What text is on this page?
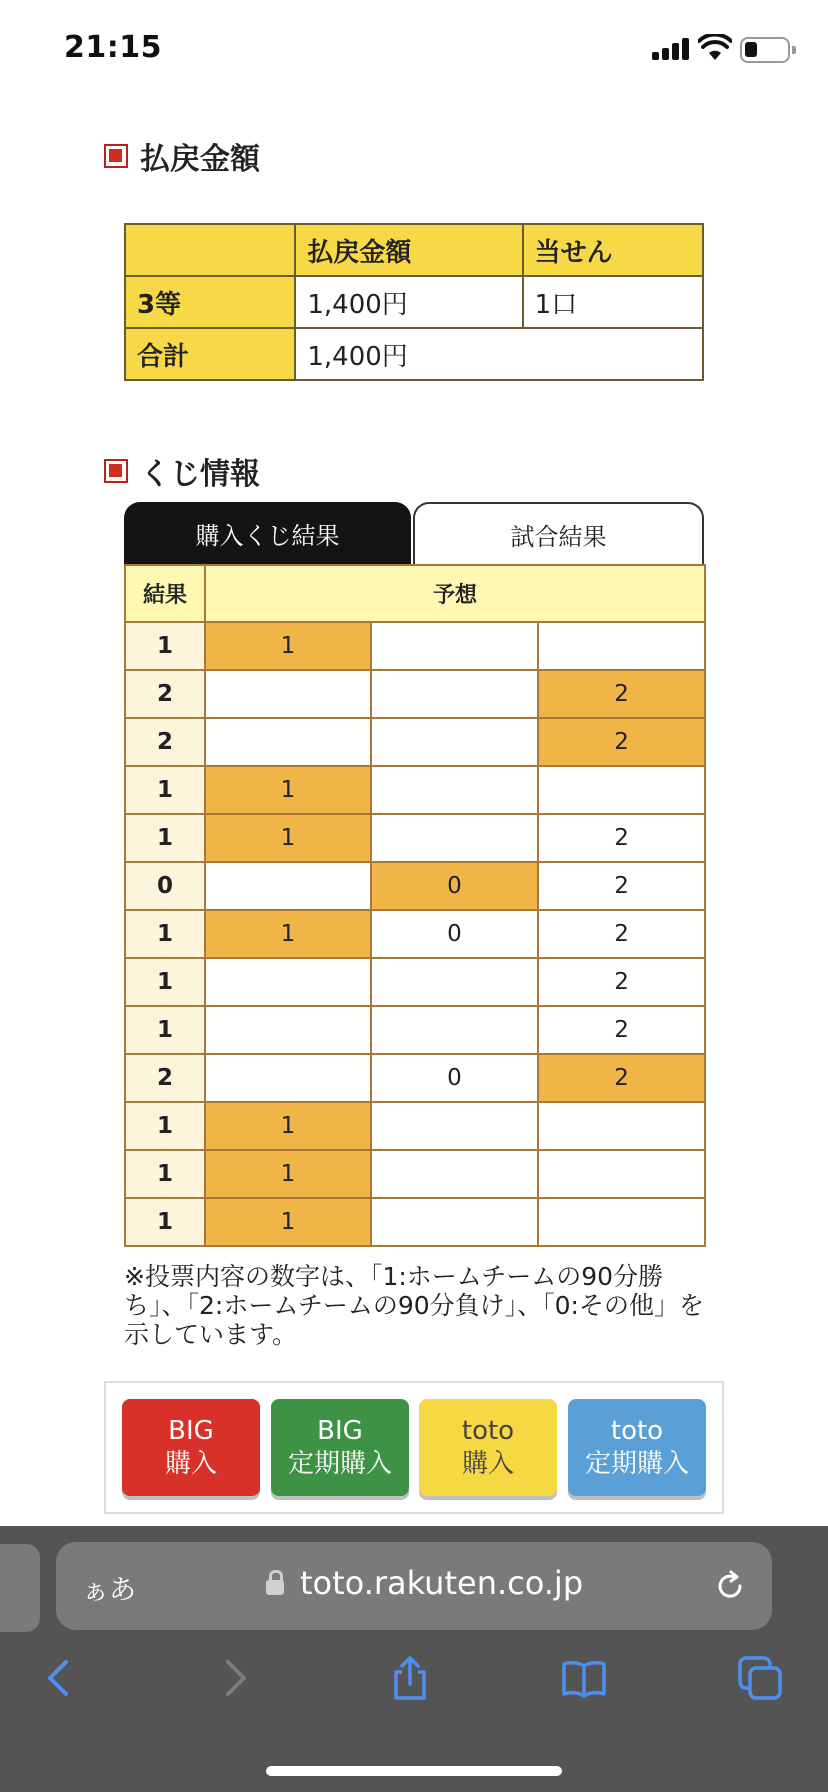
21:15
払戻金額
	払戻金額	当せん
3等	1,400円	1口
合計	1,400円	
くじ情報
購入くじ結果	試合結果
結果	予想		
1	1		
2			2
2			2
1	1		
1	1		2
0		0	2
1	1	0	2
1			2
1			2
2		0	2
1	1		
1	1		
1	1		
※投票内容の数字は、「1:ホームチームの90分勝ち」、「2:ホームチームの90分負け」、「0:その他」を示しています。
BIG
購入
BIG
定期購入
toto
購入
toto
定期購入
ぁあ	toto.rakuten.co.jp
